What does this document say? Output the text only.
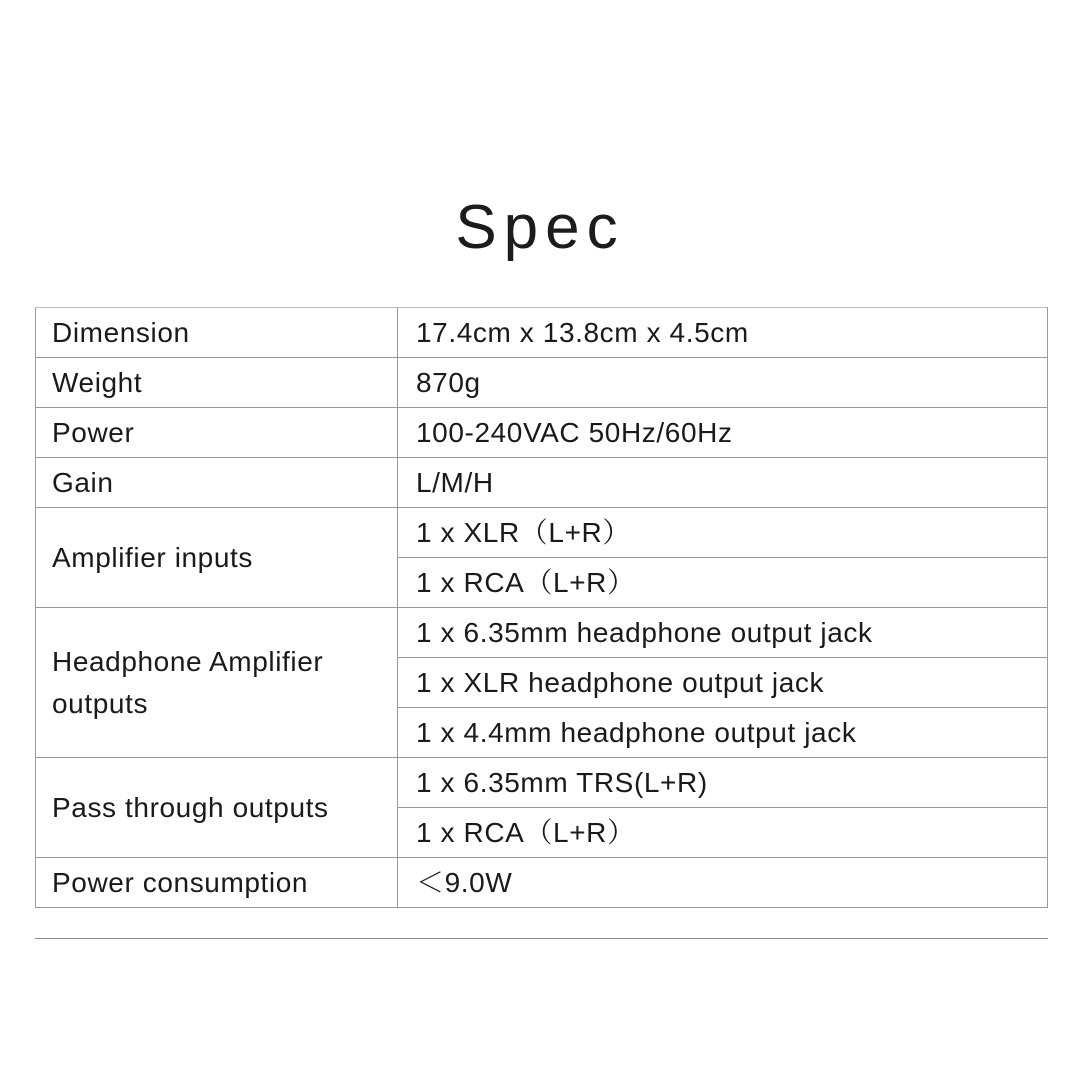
Spec
Dimension	17.4cm x 13.8cm x 4.5cm
Weight	870g
Power	100-240VAC 50Hz/60Hz
Gain	L/M/H
Amplifier inputs	1 x XLR（L+R）
	1 x RCA（L+R）
Headphone Amplifier outputs	1 x 6.35mm headphone output jack
	1 x XLR headphone output jack
	1 x 4.4mm headphone output jack
Pass through outputs	1 x 6.35mm TRS(L+R)
	1 x RCA（L+R）
Power consumption	＜9.0W
